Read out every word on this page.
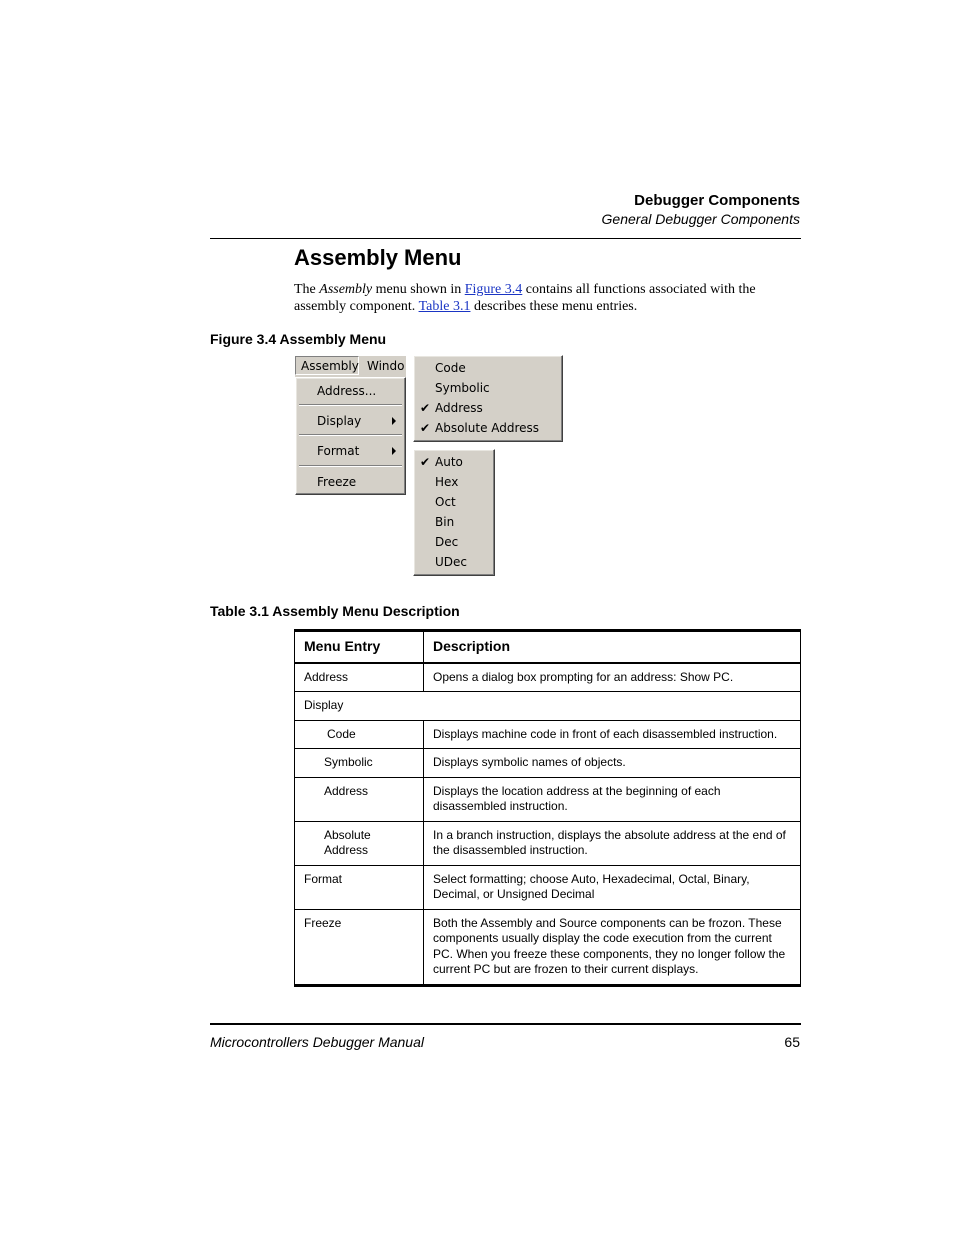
Debugger Components
General Debugger Components
Assembly Menu
The Assembly menu shown in Figure 3.4 contains all functions associated with the assembly component. Table 3.1 describes these menu entries.
Figure 3.4 Assembly Menu
Assembly Windo
Address...
Display
Format
Freeze
Code
Symbolic
✔ Address
✔ Absolute Address
✔ Auto
Hex
Oct
Bin
Dec
UDec
Table 3.1 Assembly Menu Description
Menu Entry	Description
Address	Opens a dialog box prompting for an address: Show PC.
Display	
Code	Displays machine code in front of each disassembled instruction.
Symbolic	Displays symbolic names of objects.
Address	Displays the location address at the beginning of each disassembled instruction.
Absolute Address	In a branch instruction, displays the absolute address at the end of the disassembled instruction.
Format	Select formatting; choose Auto, Hexadecimal, Octal, Binary, Decimal, or Unsigned Decimal
Freeze	Both the Assembly and Source components can be frozon. These components usually display the code execution from the current PC. When you freeze these components, they no longer follow the current PC but are frozen to their current displays.
Microcontrollers Debugger Manual	65
